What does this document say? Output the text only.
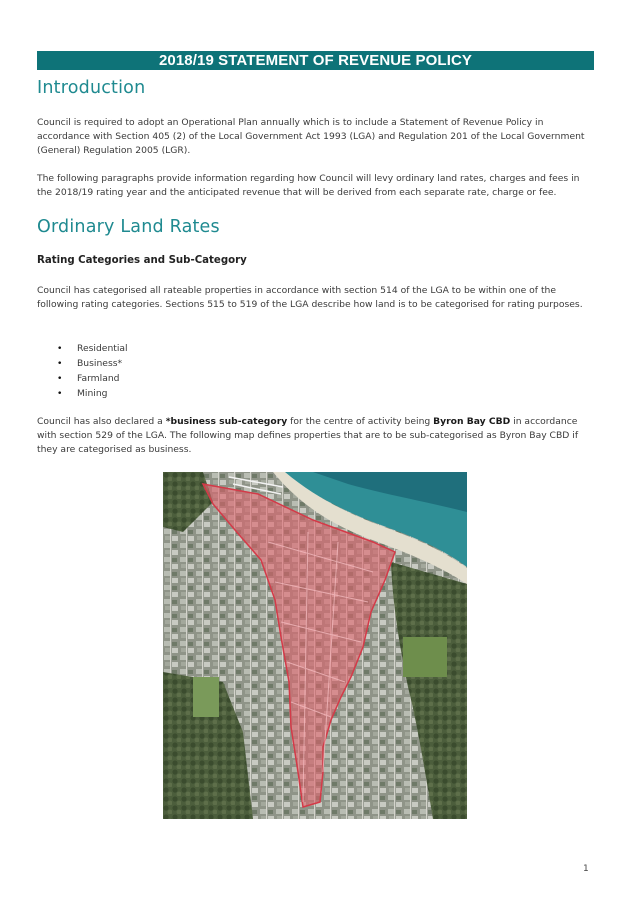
2018/19 STATEMENT OF REVENUE POLICY
Introduction

Council is required to adopt an Operational Plan annually which is to include a Statement of Revenue Policy in accordance with Section 405 (2) of the Local Government Act 1993 (LGA) and Regulation 201 of the Local Government (General) Regulation 2005 (LGR).

The following paragraphs provide information regarding how Council will levy ordinary land rates, charges and fees in the 2018/19 rating year and the anticipated revenue that will be derived from each separate rate, charge or fee.

Ordinary Land Rates
Rating Categories and Sub-Category

Council has categorised all rateable properties in accordance with section 514 of the LGA to be within one of the following rating categories. Sections 515 to 519 of the LGA describe how land is to be categorised for rating purposes.

• Residential
• Business*
• Farmland
• Mining

Council has also declared a *business sub-category for the centre of activity being Byron Bay CBD in accordance with section 529 of the LGA. The following map defines properties that are to be sub-categorised as Byron Bay CBD if they are categorised as business.

1
